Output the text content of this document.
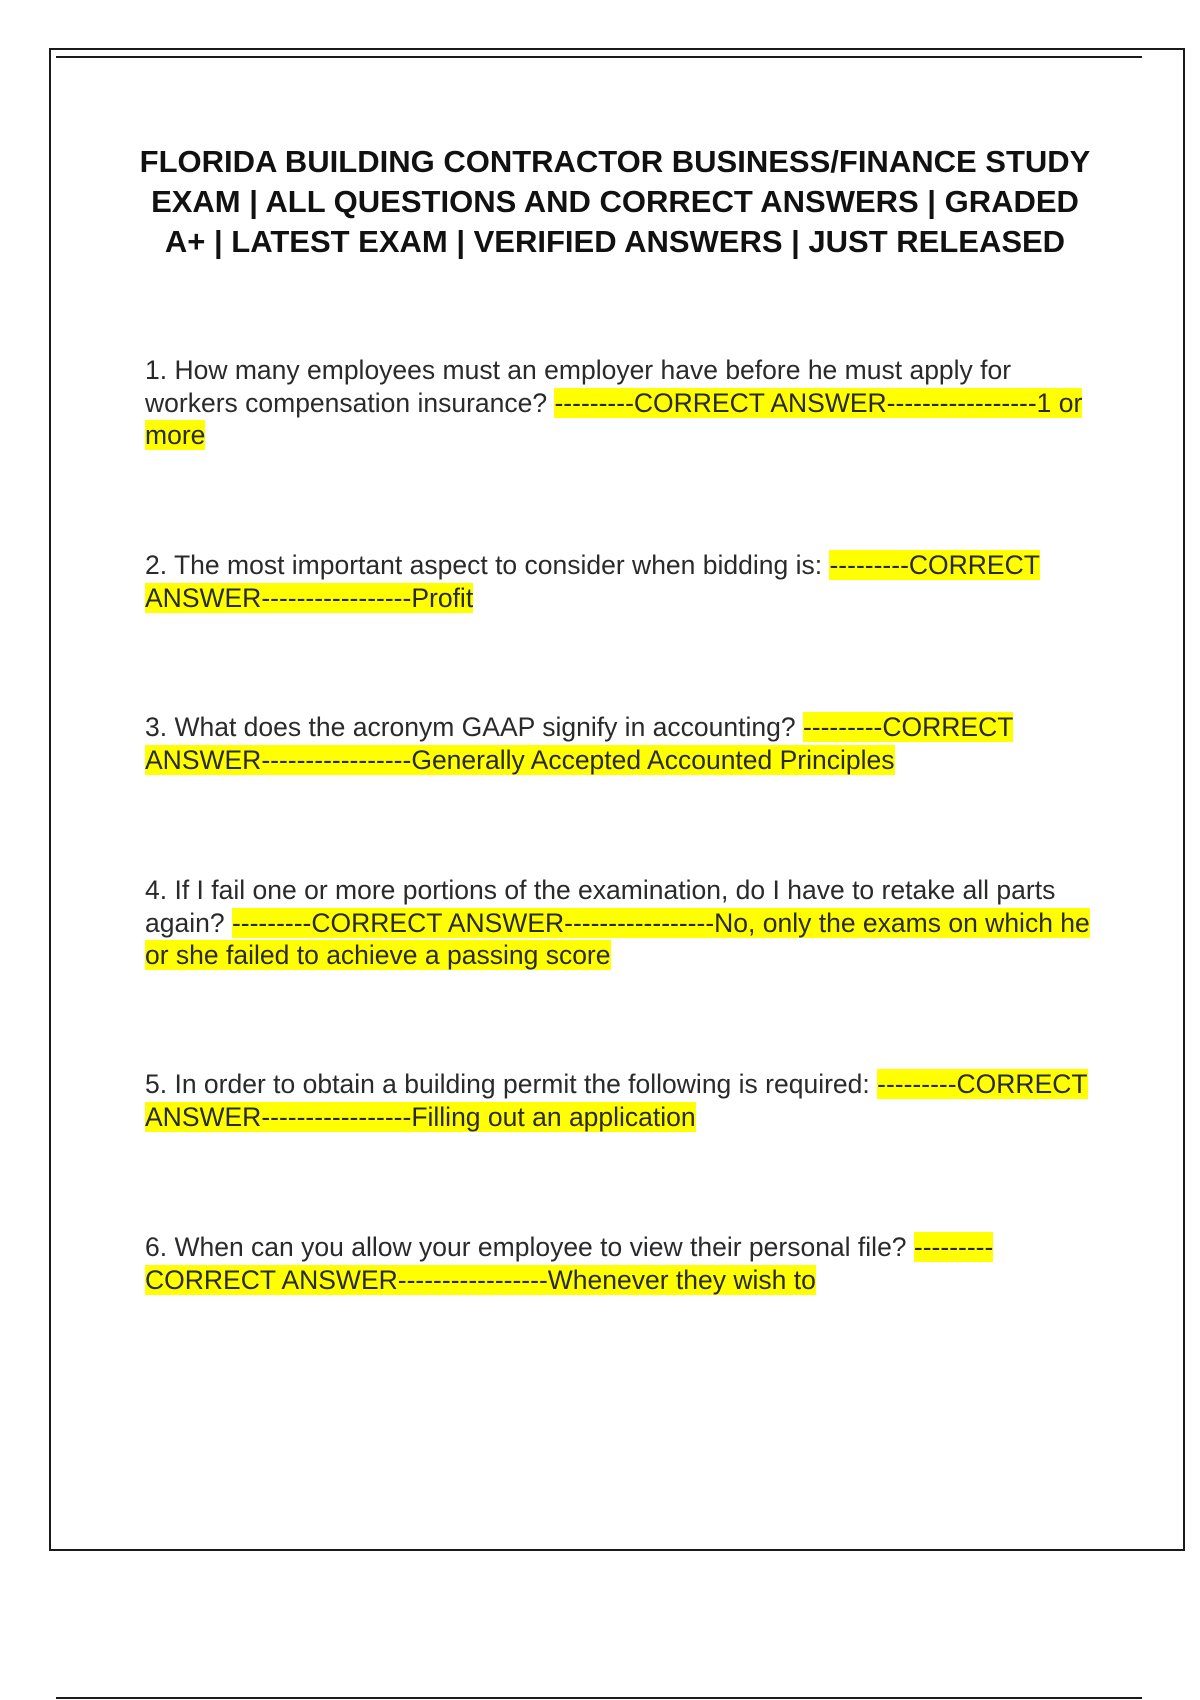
FLORIDA BUILDING CONTRACTOR BUSINESS/FINANCE STUDY EXAM | ALL QUESTIONS AND CORRECT ANSWERS | GRADED A+ | LATEST EXAM | VERIFIED ANSWERS | JUST RELEASED

1. How many employees must an employer have before he must apply for workers compensation insurance? ---------CORRECT ANSWER-----------------1 or more

2. The most important aspect to consider when bidding is: ---------CORRECT ANSWER-----------------Profit

3. What does the acronym GAAP signify in accounting? ---------CORRECT ANSWER-----------------Generally Accepted Accounted Principles

4. If I fail one or more portions of the examination, do I have to retake all parts again? ---------CORRECT ANSWER-----------------No, only the exams on which he or she failed to achieve a passing score

5. In order to obtain a building permit the following is required: ---------CORRECT ANSWER-----------------Filling out an application

6. When can you allow your employee to view their personal file? ---------CORRECT ANSWER-----------------Whenever they wish to
